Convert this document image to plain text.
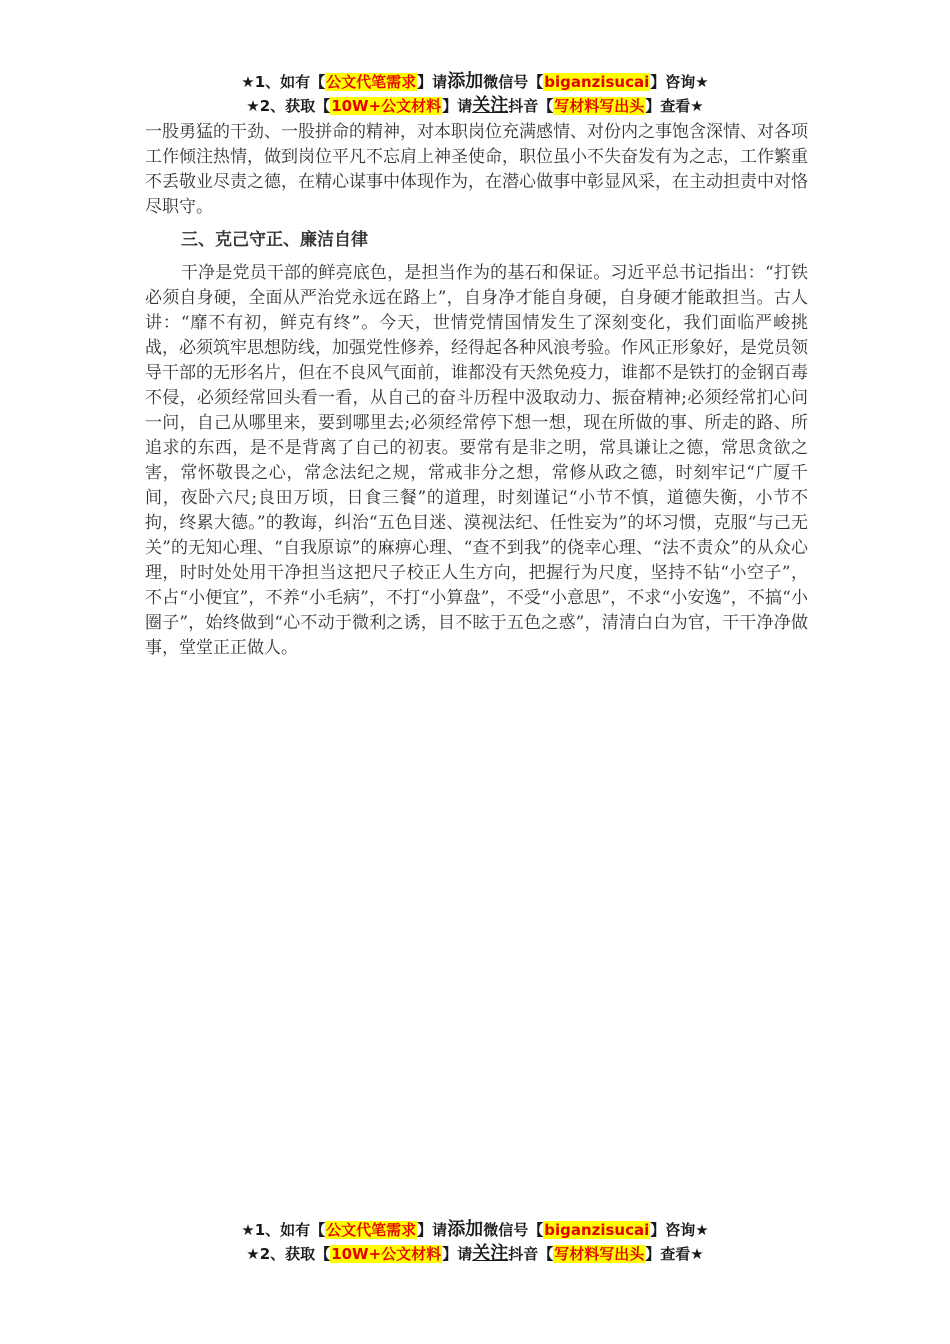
★1、如有【公文代笔需求】请添加微信号【biganzisucai】咨询★
★2、获取【10W+公文材料】请关注抖音【写材料写出头】查看★

一股勇猛的干劲、一股拼命的精神，对本职岗位充满感情、对份内之事饱含深情、对各项工作倾注热情，做到岗位平凡不忘肩上神圣使命，职位虽小不失奋发有为之志，工作繁重不丢敬业尽责之德，在精心谋事中体现作为，在潜心做事中彰显风采，在主动担责中对恪尽职守。

三、克己守正、廉洁自律

干净是党员干部的鲜亮底色，是担当作为的基石和保证。习近平总书记指出：“打铁必须自身硬，全面从严治党永远在路上”，自身净才能自身硬，自身硬才能敢担当。古人讲：“靡不有初，鲜克有终”。今天，世情党情国情发生了深刻变化，我们面临严峻挑战，必须筑牢思想防线，加强党性修养，经得起各种风浪考验。作风正形象好，是党员领导干部的无形名片，但在不良风气面前，谁都没有天然免疫力，谁都不是铁打的金钢百毒不侵，必须经常回头看一看，从自己的奋斗历程中汲取动力、振奋精神;必须经常扪心问一问，自己从哪里来，要到哪里去;必须经常停下想一想，现在所做的事、所走的路、所追求的东西，是不是背离了自己的初衷。要常有是非之明，常具谦让之德，常思贪欲之害，常怀敬畏之心，常念法纪之规，常戒非分之想，常修从政之德，时刻牢记“广厦千间，夜卧六尺;良田万顷，日食三餐”的道理，时刻谨记“小节不慎，道德失衡，小节不拘，终累大德。”的教诲，纠治“五色目迷、漠视法纪、任性妄为”的坏习惯，克服“与己无关”的无知心理、“自我原谅”的麻痹心理、“查不到我”的侥幸心理、“法不责众”的从众心理，时时处处用干净担当这把尺子校正人生方向，把握行为尺度，坚持不钻“小空子”，不占“小便宜”，不养“小毛病”，不打“小算盘”，不受“小意思”，不求“小安逸”，不搞“小圈子”，始终做到“心不动于微利之诱，目不眩于五色之惑”，清清白白为官，干干净净做事，堂堂正正做人。

★1、如有【公文代笔需求】请添加微信号【biganzisucai】咨询★
★2、获取【10W+公文材料】请关注抖音【写材料写出头】查看★
